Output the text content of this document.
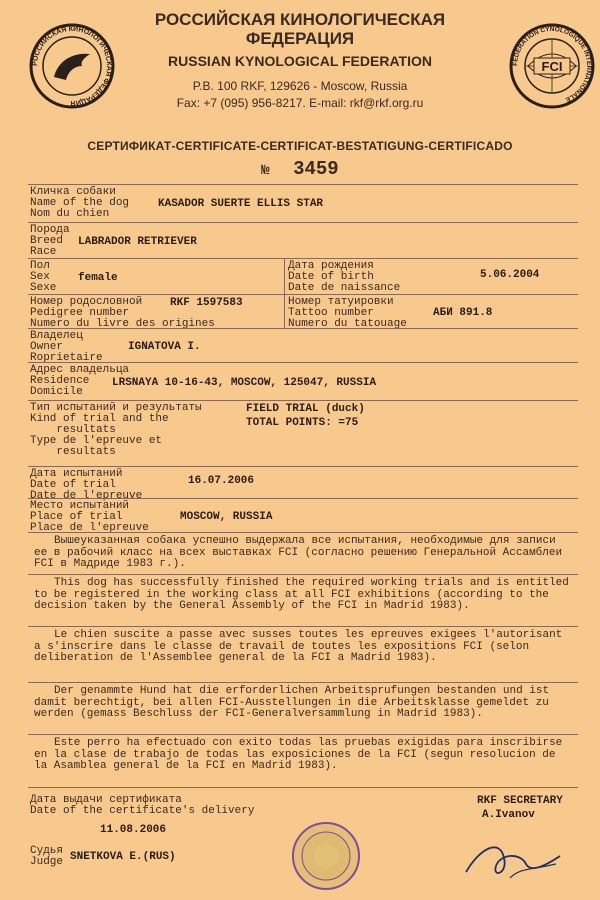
РОССИЙСКАЯ КИНОЛОГИЧЕСКАЯ ФЕДЕРАЦИЯ
РОССИЙСКАЯ КИНОЛОГИЧЕСКАЯ
ФЕДЕРАЦИЯ
RUSSIAN KYNOLOGICAL FEDERATION
P.B. 100 RKF, 129626 - Moscow, Russia
Fax: +7 (095) 956-8217. E-mail: rkf@rkf.org.ru
FCI
FEDERATION CYNOLOGIQUE INTERNATIONALE
СЕРТИФИКАТ-CERTIFICATE-CERTIFICAT-BESTATIGUNG-CERTIFICADO
№ 3459
Кличка собаки
Name of the dog
Nom du chien
KASADOR SUERTE ELLIS STAR
Порода
Breed
Race
LABRADOR RETRIEVER
Пол
Sex
Sexe
female
Дата рождения
Date of birth
Date de naissance
5.06.2004
Номер родословной
Pedigree number
Numero du livre des origines
RKF 1597583	Номер татуировки
Tattoo number
Numero du tatouage
АБИ 891.8
Владелец
Owner
Roprietaire
IGNATOVA I.
Адрес владельца
Residence
Domicile
LRSNAYA 10-16-43, MOSCOW, 125047, RUSSIA
Тип испытаний и результаты
Kind of trial and the
resultats
Type de l'epreuve et
resultats
FIELD TRIAL (duck)
TOTAL POINTS: =75
Дата испытаний
Date of trial
Date de l'epreuve
16.07.2006
Место испытаний
Place of trial
Place de l'epreuve
MOSCOW, RUSSIA
Вышеуказанная собака успешно выдержала все испытания, необходимые для записи ее в рабочий класс на всех выставках FCI (согласно решению Генеральной Ассамблеи FCI в Мадриде 1983 г.).
This dog has successfully finished the required working trials and is entitled to be registered in the working class at all FCI exhibitions (according to the decision taken by the General Assembly of the FCI in Madrid 1983).
Le chien suscite a passe avec susses toutes les epreuves exigees l'autorisant a s'inscrire dans le classe de travail de toutes les expositions FCI (selon deliberation de l'Assemblee general de la FCI a Madrid 1983).
Der genammte Hund hat die erforderlichen Arbeitsprufungen bestanden und ist damit berechtigt, bei allen FCI-Ausstellungen in die Arbeitsklasse gemeldet zu werden (gemass Beschluss der FCI-Generalversammlung in Madrid 1983).
Este perro ha efectuado con exito todas las pruebas exigidas para inscribirse en la clase de trabajo de todas las exposiciones de la FCI (segun resolucion de la Asamblea general de la FCI en Madrid 1983).
Дата выдачи сертификата
Date of the certificate's delivery
11.08.2006
Судья
Judge SNETKOVA E.(RUS)
RKF SECRETARY
A.Ivanov
